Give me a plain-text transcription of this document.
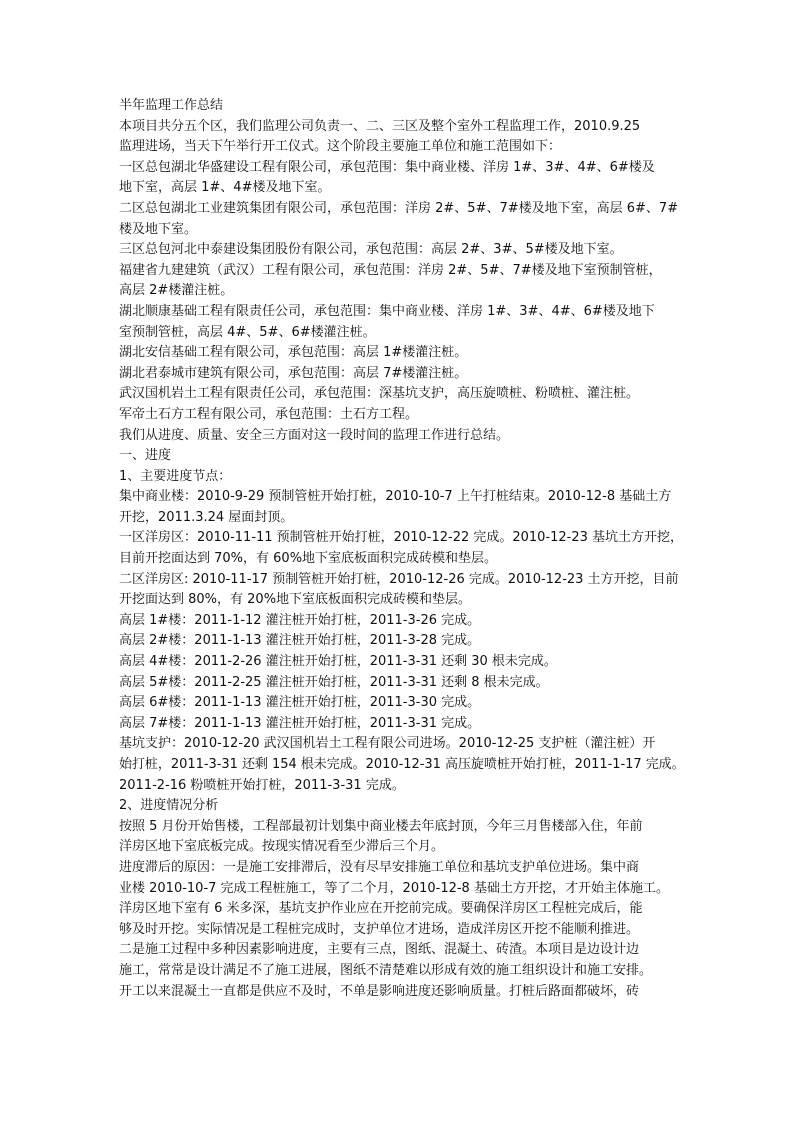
半年监理工作总结
本项目共分五个区，我们监理公司负责一、二、三区及整个室外工程监理工作，2010.9.25
监理进场，当天下午举行开工仪式。这个阶段主要施工单位和施工范围如下：
一区总包湖北华盛建设工程有限公司，承包范围：集中商业楼、洋房 1#、3#、4#、6#楼及
地下室，高层 1#、4#楼及地下室。
二区总包湖北工业建筑集团有限公司，承包范围：洋房 2#、5#、7#楼及地下室，高层 6#、7#
楼及地下室。
三区总包河北中泰建设集团股份有限公司，承包范围：高层 2#、3#、5#楼及地下室。
福建省九建建筑（武汉）工程有限公司，承包范围：洋房 2#、5#、7#楼及地下室预制管桩，
高层 2#楼灌注桩。
湖北顺康基础工程有限责任公司，承包范围：集中商业楼、洋房 1#、3#、4#、6#楼及地下
室预制管桩，高层 4#、5#、6#楼灌注桩。
湖北安信基础工程有限公司，承包范围：高层 1#楼灌注桩。
湖北君泰城市建筑有限公司，承包范围：高层 7#楼灌注桩。
武汉国机岩土工程有限责任公司，承包范围：深基坑支护，高压旋喷桩、粉喷桩、灌注桩。
军帝土石方工程有限公司，承包范围：土石方工程。
我们从进度、质量、安全三方面对这一段时间的监理工作进行总结。
一、进度
1、主要进度节点：
集中商业楼：2010-9-29 预制管桩开始打桩，2010-10-7 上午打桩结束。2010-12-8 基础土方
开挖，2011.3.24 屋面封顶。
一区洋房区：2010-11-11 预制管桩开始打桩，2010-12-22 完成。2010-12-23 基坑土方开挖，
目前开挖面达到 70%，有 60%地下室底板面积完成砖模和垫层。
二区洋房区: 2010-11-17 预制管桩开始打桩，2010-12-26 完成。2010-12-23 土方开挖，目前
开挖面达到 80%，有 20%地下室底板面积完成砖模和垫层。
高层 1#楼：2011-1-12 灌注桩开始打桩，2011-3-26 完成。
高层 2#楼：2011-1-13 灌注桩开始打桩，2011-3-28 完成。
高层 4#楼：2011-2-26 灌注桩开始打桩，2011-3-31 还剩 30 根未完成。
高层 5#楼：2011-2-25 灌注桩开始打桩，2011-3-31 还剩 8 根未完成。
高层 6#楼：2011-1-13 灌注桩开始打桩，2011-3-30 完成。
高层 7#楼：2011-1-13 灌注桩开始打桩，2011-3-31 完成。
基坑支护：2010-12-20 武汉国机岩土工程有限公司进场。2010-12-25 支护桩（灌注桩）开
始打桩，2011-3-31 还剩 154 根未完成。2010-12-31 高压旋喷桩开始打桩，2011-1-17 完成。
2011-2-16 粉喷桩开始打桩，2011-3-31 完成。
2、进度情况分析
按照 5 月份开始售楼，工程部最初计划集中商业楼去年底封顶，今年三月售楼部入住，年前
洋房区地下室底板完成。按现实情况看至少滞后三个月。
进度滞后的原因：一是施工安排滞后，没有尽早安排施工单位和基坑支护单位进场。集中商
业楼 2010-10-7 完成工程桩施工，等了二个月，2010-12-8 基础土方开挖，才开始主体施工。
洋房区地下室有 6 米多深，基坑支护作业应在开挖前完成。要确保洋房区工程桩完成后，能
够及时开挖。实际情况是工程桩完成时，支护单位才进场，造成洋房区开挖不能顺利推进。
二是施工过程中多种因素影响进度，主要有三点，图纸、混凝土、砖渣。本项目是边设计边
施工，常常是设计满足不了施工进展，图纸不清楚难以形成有效的施工组织设计和施工安排。
开工以来混凝土一直都是供应不及时，不单是影响进度还影响质量。打桩后路面都破坏，砖
